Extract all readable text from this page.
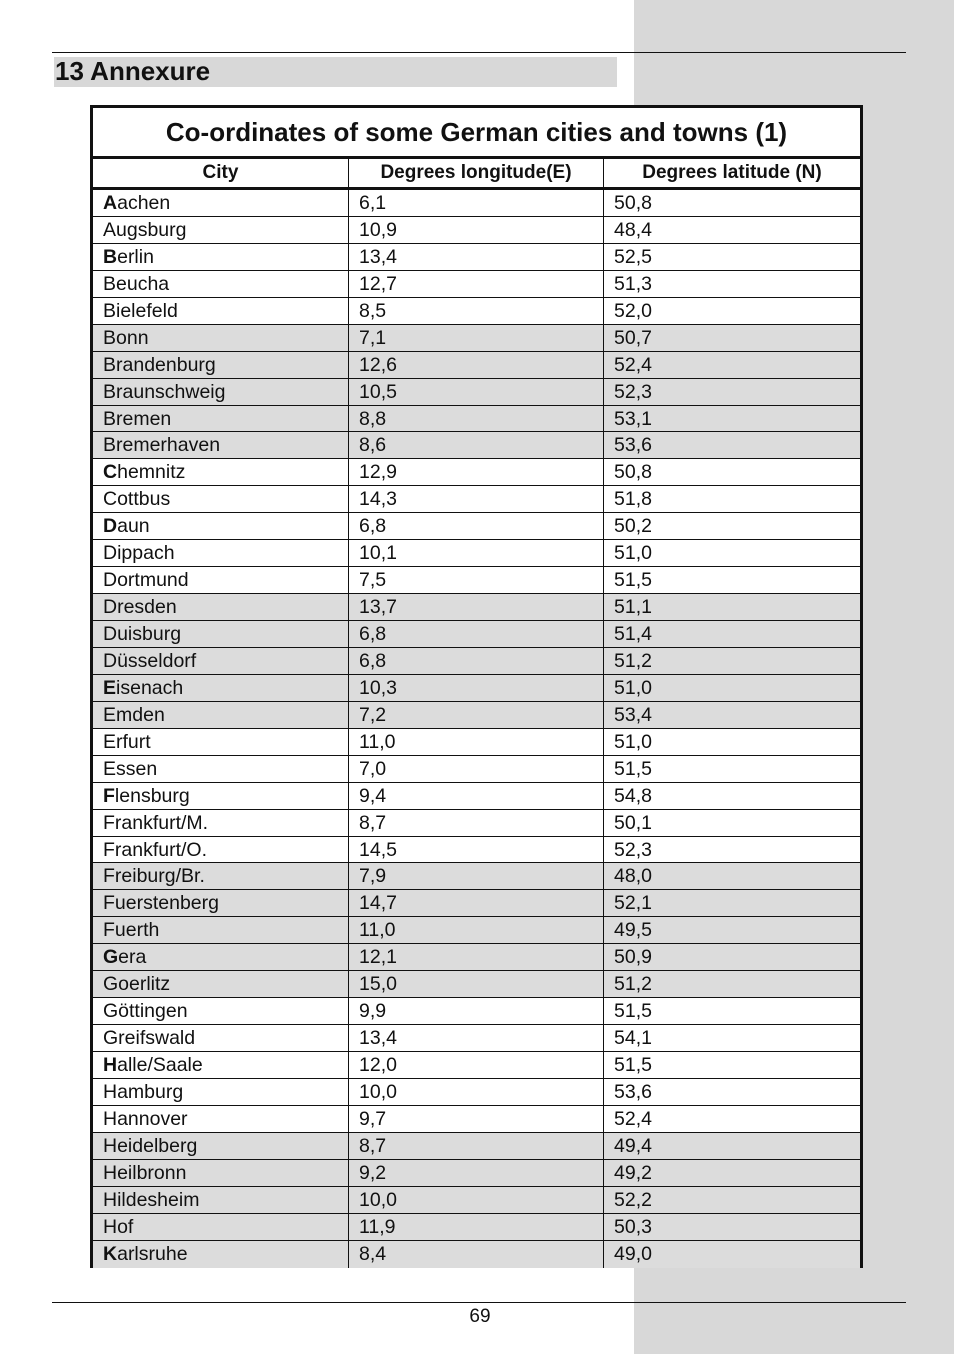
13 Annexure
Co-ordinates of some German cities and towns (1)
City	Degrees longitude(E)	Degrees latitude (N)
Aachen	6,1	50,8
Augsburg	10,9	48,4
Berlin	13,4	52,5
Beucha	12,7	51,3
Bielefeld	8,5	52,0
Bonn	7,1	50,7
Brandenburg	12,6	52,4
Braunschweig	10,5	52,3
Bremen	8,8	53,1
Bremerhaven	8,6	53,6
Chemnitz	12,9	50,8
Cottbus	14,3	51,8
Daun	6,8	50,2
Dippach	10,1	51,0
Dortmund	7,5	51,5
Dresden	13,7	51,1
Duisburg	6,8	51,4
Düsseldorf	6,8	51,2
Eisenach	10,3	51,0
Emden	7,2	53,4
Erfurt	11,0	51,0
Essen	7,0	51,5
Flensburg	9,4	54,8
Frankfurt/M.	8,7	50,1
Frankfurt/O.	14,5	52,3
Freiburg/Br.	7,9	48,0
Fuerstenberg	14,7	52,1
Fuerth	11,0	49,5
Gera	12,1	50,9
Goerlitz	15,0	51,2
Göttingen	9,9	51,5
Greifswald	13,4	54,1
Halle/Saale	12,0	51,5
Hamburg	10,0	53,6
Hannover	9,7	52,4
Heidelberg	8,7	49,4
Heilbronn	9,2	49,2
Hildesheim	10,0	52,2
Hof	11,9	50,3
Karlsruhe	8,4	49,0
69
